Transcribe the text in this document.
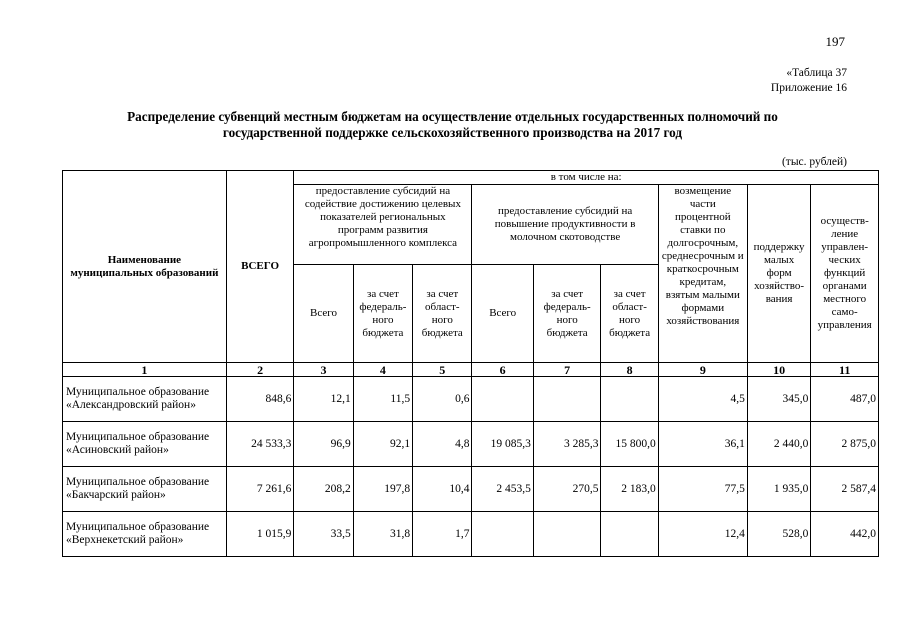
197
«Таблица 37
Приложение 16
Распределение субвенций местным бюджетам на осуществление отдельных государственных полномочий по
государственной поддержке сельскохозяйственного производства на 2017 год
(тыс. рублей)
Наименование муниципальных образований	ВСЕГО	в том числе на:								
		предоставление субсидий на содействие достижению целевых показателей региональных программ развития агропромышленного комплекса			предоставление субсидий на повышение продуктивности в молочном скотоводстве			возмещение части процентной ставки по долгосрочным, среднесрочным и краткосрочным кредитам, взятым малыми формами хозяйствования	поддержку малых форм хозяйство-вания	осуществ-ление управлен-ческих функций органами местного само-управления
		Всего	за счет федераль-ного бюджета	за счет област-ного бюджета	Всего	за счет федераль-ного бюджета	за счет област-ного бюджета			
1	2	3	4	5	6	7	8	9	10	11
Муниципальное образование «Александровский район»	848,6	12,1	11,5	0,6				4,5	345,0	487,0
Муниципальное образование «Асиновский район»	24 533,3	96,9	92,1	4,8	19 085,3	3 285,3	15 800,0	36,1	2 440,0	2 875,0
Муниципальное образование «Бакчарский район»	7 261,6	208,2	197,8	10,4	2 453,5	270,5	2 183,0	77,5	1 935,0	2 587,4
Муниципальное образование «Верхнекетский район»	1 015,9	33,5	31,8	1,7				12,4	528,0	442,0
